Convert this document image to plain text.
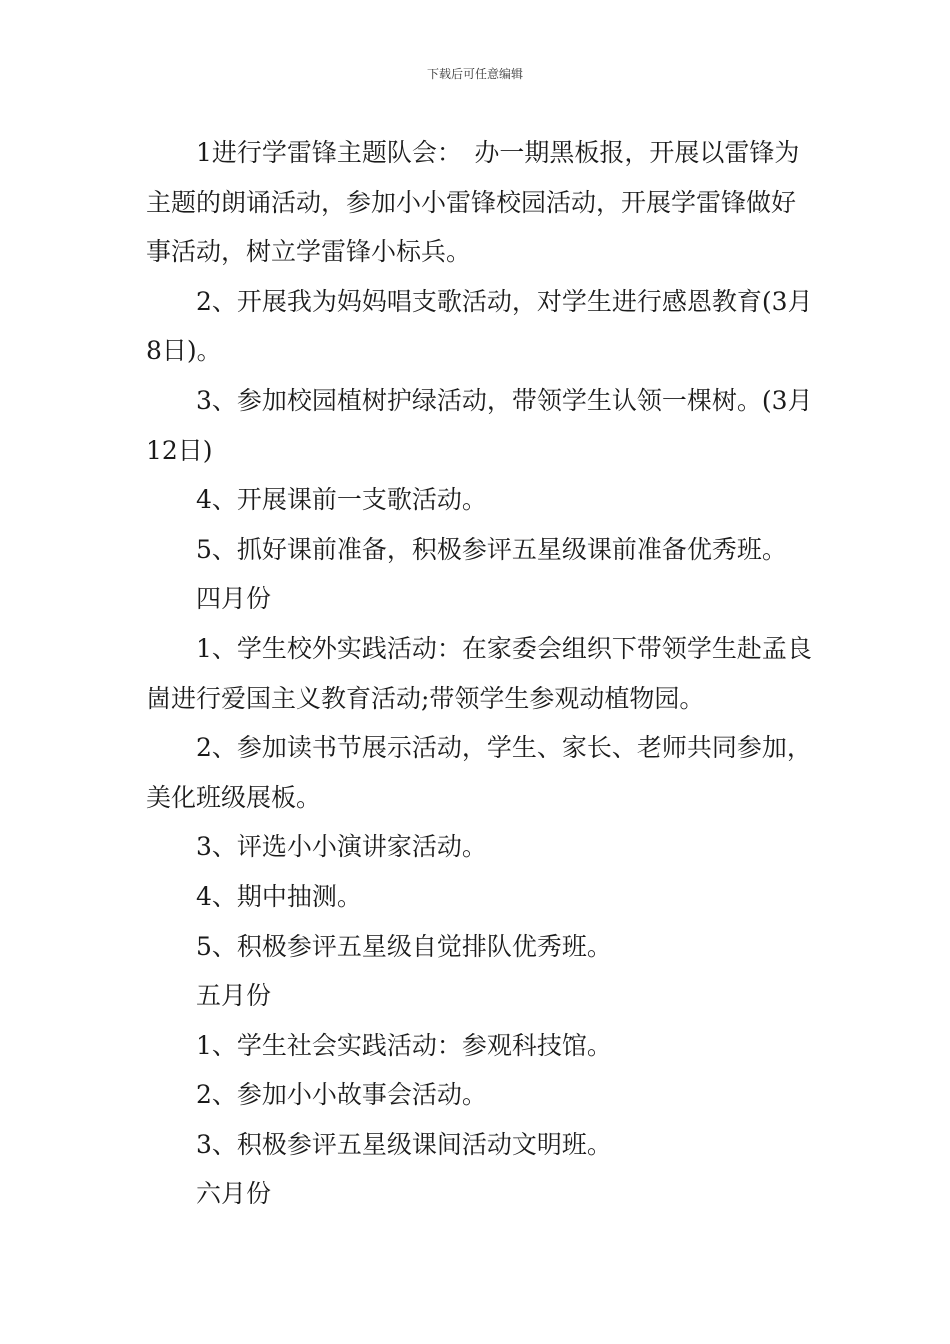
下载后可任意编辑

1进行学雷锋主题队会：　办一期黑板报，开展以雷锋为主题的朗诵活动，参加小小雷锋校园活动，开展学雷锋做好事活动，树立学雷锋小标兵。

2、开展我为妈妈唱支歌活动，对学生进行感恩教育(3月8日)。

3、参加校园植树护绿活动，带领学生认领一棵树。(3月12日)

4、开展课前一支歌活动。

5、抓好课前准备，积极参评五星级课前准备优秀班。

四月份

1、学生校外实践活动：在家委会组织下带领学生赴孟良崮进行爱国主义教育活动;带领学生参观动植物园。

2、参加读书节展示活动，学生、家长、老师共同参加，美化班级展板。

3、评选小小演讲家活动。

4、期中抽测。

5、积极参评五星级自觉排队优秀班。

五月份

1、学生社会实践活动：参观科技馆。

2、参加小小故事会活动。

3、积极参评五星级课间活动文明班。

六月份
